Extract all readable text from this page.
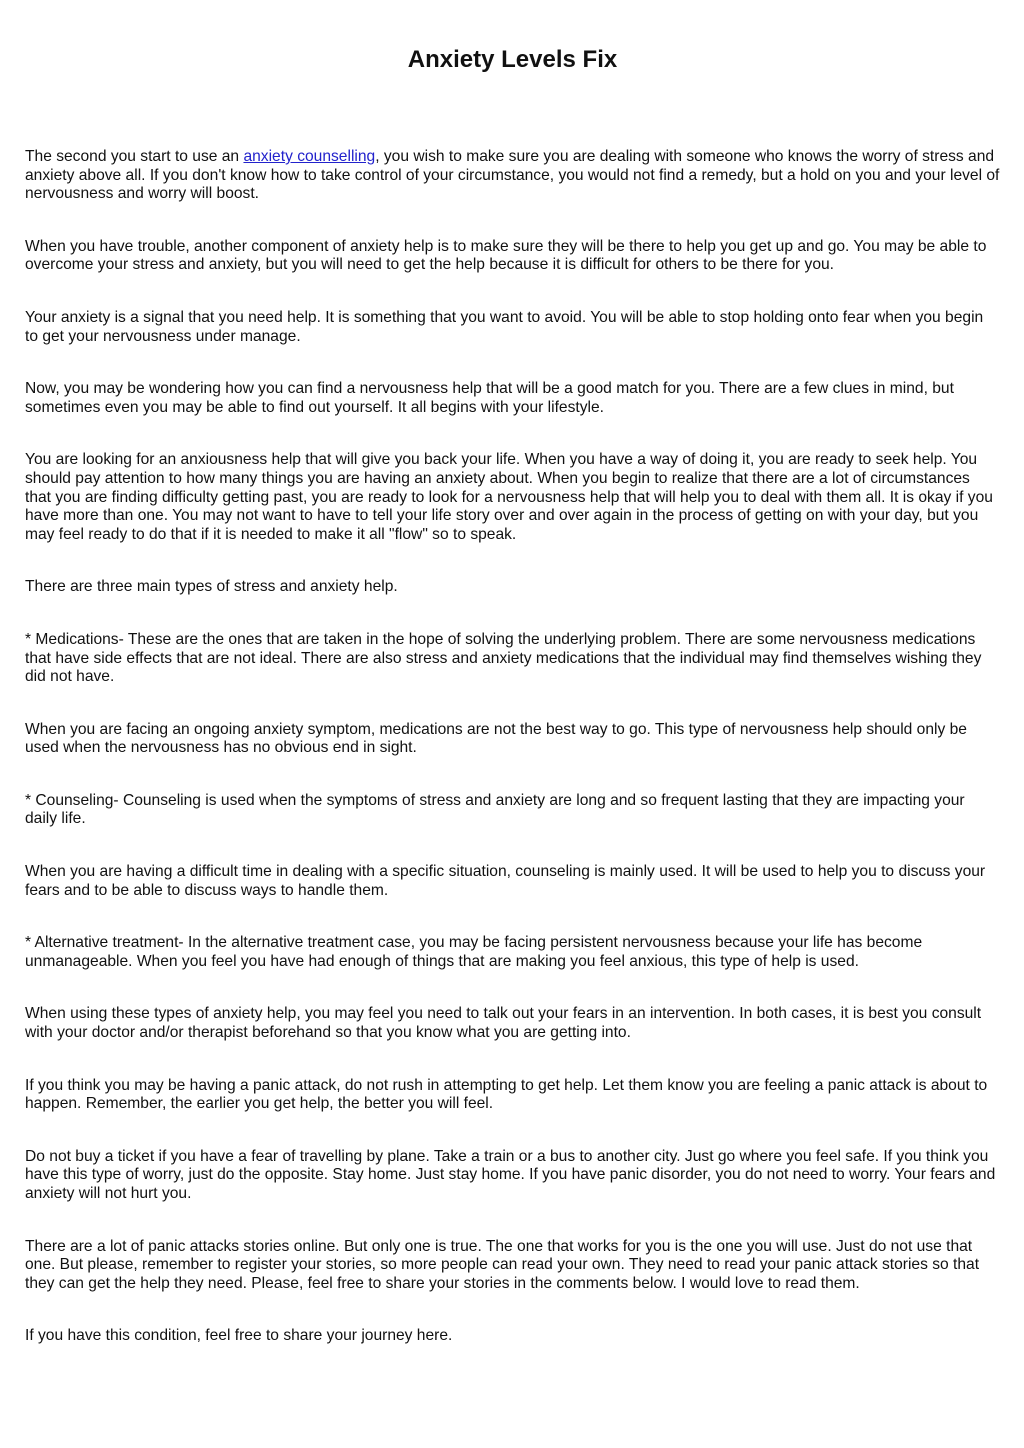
Anxiety Levels Fix

The second you start to use an anxiety counselling, you wish to make sure you are dealing with someone who knows the worry of stress and anxiety above all. If you don't know how to take control of your circumstance, you would not find a remedy, but a hold on you and your level of nervousness and worry will boost.

When you have trouble, another component of anxiety help is to make sure they will be there to help you get up and go. You may be able to overcome your stress and anxiety, but you will need to get the help because it is difficult for others to be there for you.

Your anxiety is a signal that you need help. It is something that you want to avoid. You will be able to stop holding onto fear when you begin to get your nervousness under manage.

Now, you may be wondering how you can find a nervousness help that will be a good match for you. There are a few clues in mind, but sometimes even you may be able to find out yourself. It all begins with your lifestyle.

You are looking for an anxiousness help that will give you back your life. When you have a way of doing it, you are ready to seek help. You should pay attention to how many things you are having an anxiety about. When you begin to realize that there are a lot of circumstances that you are finding difficulty getting past, you are ready to look for a nervousness help that will help you to deal with them all. It is okay if you have more than one. You may not want to have to tell your life story over and over again in the process of getting on with your day, but you may feel ready to do that if it is needed to make it all "flow" so to speak.

There are three main types of stress and anxiety help.

* Medications- These are the ones that are taken in the hope of solving the underlying problem. There are some nervousness medications that have side effects that are not ideal. There are also stress and anxiety medications that the individual may find themselves wishing they did not have.

When you are facing an ongoing anxiety symptom, medications are not the best way to go. This type of nervousness help should only be used when the nervousness has no obvious end in sight.

* Counseling- Counseling is used when the symptoms of stress and anxiety are long and so frequent lasting that they are impacting your daily life.

When you are having a difficult time in dealing with a specific situation, counseling is mainly used. It will be used to help you to discuss your fears and to be able to discuss ways to handle them.

* Alternative treatment- In the alternative treatment case, you may be facing persistent nervousness because your life has become unmanageable. When you feel you have had enough of things that are making you feel anxious, this type of help is used.

When using these types of anxiety help, you may feel you need to talk out your fears in an intervention. In both cases, it is best you consult with your doctor and/or therapist beforehand so that you know what you are getting into.

If you think you may be having a panic attack, do not rush in attempting to get help. Let them know you are feeling a panic attack is about to happen. Remember, the earlier you get help, the better you will feel.

Do not buy a ticket if you have a fear of travelling by plane. Take a train or a bus to another city. Just go where you feel safe. If you think you have this type of worry, just do the opposite. Stay home. Just stay home. If you have panic disorder, you do not need to worry. Your fears and anxiety will not hurt you.

There are a lot of panic attacks stories online. But only one is true. The one that works for you is the one you will use. Just do not use that one. But please, remember to register your stories, so more people can read your own. They need to read your panic attack stories so that they can get the help they need. Please, feel free to share your stories in the comments below. I would love to read them.

If you have this condition, feel free to share your journey here.
